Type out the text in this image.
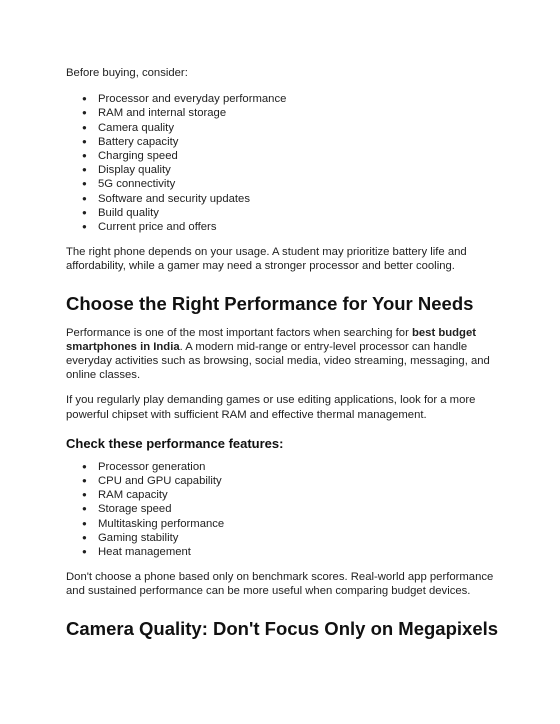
Before buying, consider:

● Processor and everyday performance
● RAM and internal storage
● Camera quality
● Battery capacity
● Charging speed
● Display quality
● 5G connectivity
● Software and security updates
● Build quality
● Current price and offers

The right phone depends on your usage. A student may prioritize battery life and affordability, while a gamer may need a stronger processor and better cooling.

Choose the Right Performance for Your Needs

Performance is one of the most important factors when searching for best budget smartphones in India. A modern mid-range or entry-level processor can handle everyday activities such as browsing, social media, video streaming, messaging, and online classes.

If you regularly play demanding games or use editing applications, look for a more powerful chipset with sufficient RAM and effective thermal management.

Check these performance features:
● Processor generation
● CPU and GPU capability
● RAM capacity
● Storage speed
● Multitasking performance
● Gaming stability
● Heat management

Don't choose a phone based only on benchmark scores. Real-world app performance and sustained performance can be more useful when comparing budget devices.

Camera Quality: Don't Focus Only on Megapixels
